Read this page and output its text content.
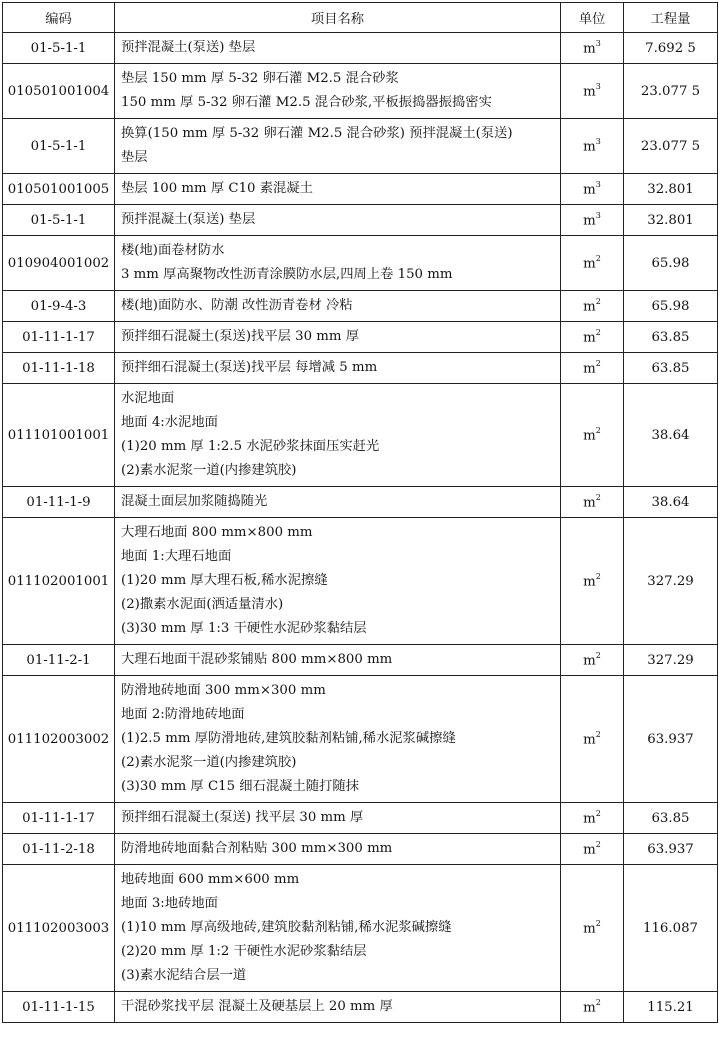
编码	项目名称	单位	工程量
01-5-1-1	预拌混凝土(泵送) 垫层	$m^3$	7.692 5
010501001004	垫层 150 mm 厚 5-32 卵石灌 M2.5 混合砂浆
150 mm 厚 5-32 卵石灌 M2.5 混合砂浆,平板振捣器振捣密实	$m^3$	23.077 5
01-5-1-1	换算(150 mm 厚 5-32 卵石灌 M2.5 混合砂浆) 预拌混凝土(泵送)
垫层	$m^3$	23.077 5
010501001005	垫层 100 mm 厚 C10 素混凝土	$m^3$	32.801
01-5-1-1	预拌混凝土(泵送) 垫层	$m^3$	32.801
010904001002	楼(地)面卷材防水
3 mm 厚高聚物改性沥青涂膜防水层,四周上卷 150 mm	$m^2$	65.98
01-9-4-3	楼(地)面防水、防潮 改性沥青卷材 冷粘	$m^2$	65.98
01-11-1-17	预拌细石混凝土(泵送)找平层 30 mm 厚	$m^2$	63.85
01-11-1-18	预拌细石混凝土(泵送)找平层 每增减 5 mm	$m^2$	63.85
011101001001	水泥地面
地面 4:水泥地面
(1)20 mm 厚 1:2.5 水泥砂浆抹面压实赶光
(2)素水泥浆一道(内掺建筑胶)	$m^2$	38.64
01-11-1-9	混凝土面层加浆随捣随光	$m^2$	38.64
011102001001	大理石地面 800 mm×800 mm
地面 1:大理石地面
(1)20 mm 厚大理石板,稀水泥擦缝
(2)撒素水泥面(洒适量清水)
(3)30 mm 厚 1:3 干硬性水泥砂浆黏结层	$m^2$	327.29
01-11-2-1	大理石地面干混砂浆铺贴 800 mm×800 mm	$m^2$	327.29
011102003002	防滑地砖地面 300 mm×300 mm
地面 2:防滑地砖地面
(1)2.5 mm 厚防滑地砖,建筑胶黏剂粘铺,稀水泥浆碱擦缝
(2)素水泥浆一道(内掺建筑胶)
(3)30 mm 厚 C15 细石混凝土随打随抹	$m^2$	63.937
01-11-1-17	预拌细石混凝土(泵送) 找平层 30 mm 厚	$m^2$	63.85
01-11-2-18	防滑地砖地面黏合剂粘贴 300 mm×300 mm	$m^2$	63.937
011102003003	地砖地面 600 mm×600 mm
地面 3:地砖地面
(1)10 mm 厚高级地砖,建筑胶黏剂粘铺,稀水泥浆碱擦缝
(2)20 mm 厚 1:2 干硬性水泥砂浆黏结层
(3)素水泥结合层一道	$m^2$	116.087
01-11-1-15	干混砂浆找平层 混凝土及硬基层上 20 mm 厚	$m^2$	115.21
